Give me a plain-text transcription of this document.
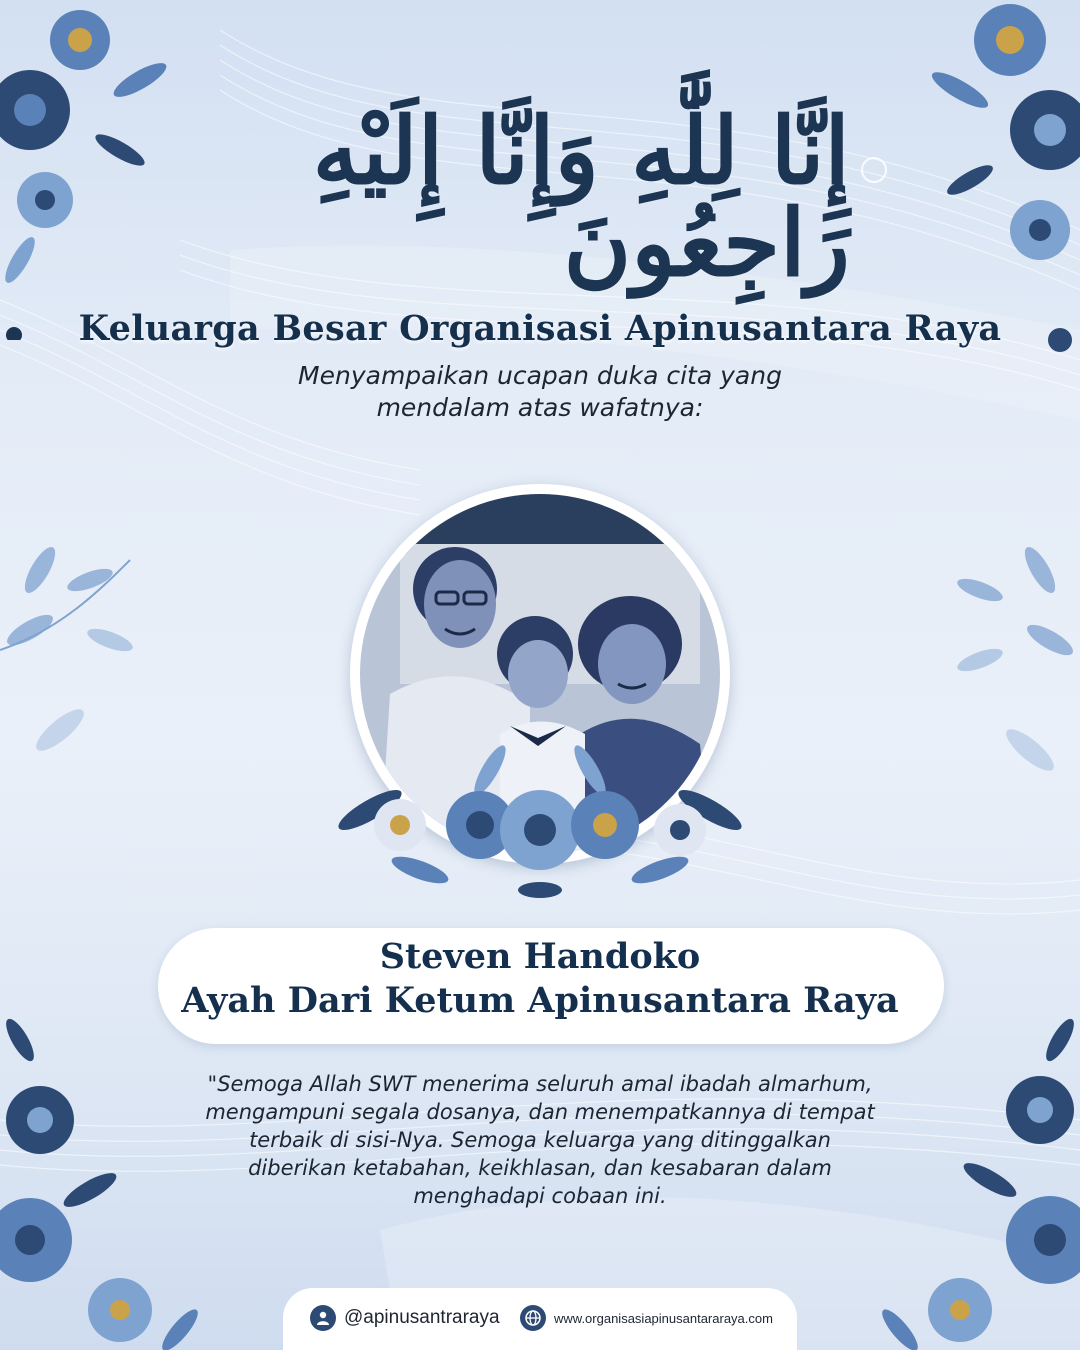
إِنَّا لِلَّٰهِ وَإِنَّا إِلَيْهِ رَاجِعُونَ
Keluarga Besar Organisasi Apinusantara Raya
Menyampaikan ucapan duka cita yang
mendalam atas wafatnya:
Steven Handoko
Ayah Dari Ketum Apinusantara Raya
"Semoga Allah SWT menerima seluruh amal ibadah almarhum,
mengampuni segala dosanya, dan menempatkannya di tempat
terbaik di sisi-Nya. Semoga keluarga yang ditinggalkan
diberikan ketabahan, keikhlasan, dan kesabaran dalam
menghadapi cobaan ini.
@apinusantraraya	www.organisasiapinusantararaya.com
